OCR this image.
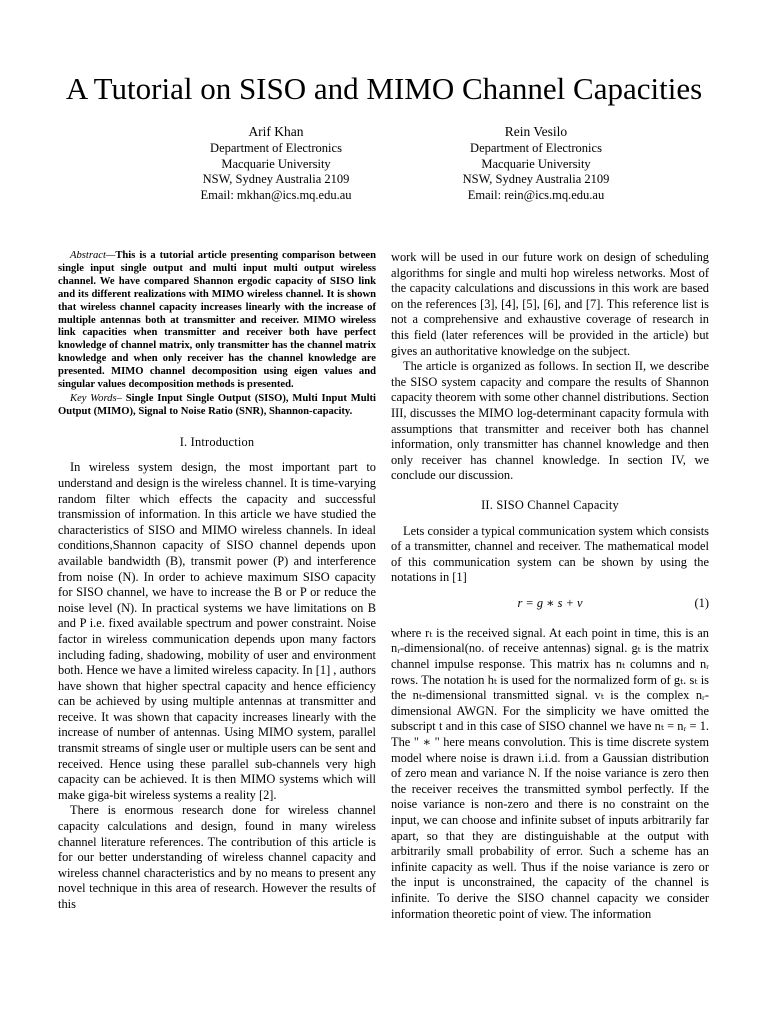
A Tutorial on SISO and MIMO Channel Capacities
Arif Khan
Department of Electronics
Macquarie University
NSW, Sydney Australia 2109
Email: mkhan@ics.mq.edu.au
Rein Vesilo
Department of Electronics
Macquarie University
NSW, Sydney Australia 2109
Email: rein@ics.mq.edu.au

Abstract—This is a tutorial article presenting comparison between single input single output and multi input multi output wireless channel. We have compared Shannon ergodic capacity of SISO link and its different realizations with MIMO wireless channel. It is shown that wireless channel capacity increases linearly with the increase of multiple antennas both at transmitter and receiver. MIMO wireless link capacities when transmitter and receiver both have perfect knowledge of channel matrix, only transmitter has the channel matrix knowledge and when only receiver has the channel knowledge are presented. MIMO channel decomposition using eigen values and singular values decomposition methods is presented.

Key Words– Single Input Single Output (SISO), Multi Input Multi Output (MIMO), Signal to Noise Ratio (SNR), Shannon-capacity.

I. Introduction

In wireless system design, the most important part to understand and design is the wireless channel. It is time-varying random filter which effects the capacity and successful transmission of information. In this article we have studied the characteristics of SISO and MIMO wireless channels. In ideal conditions,Shannon capacity of SISO channel depends upon available bandwidth (B), transmit power (P) and interference from noise (N). In order to achieve maximum SISO capacity for SISO channel, we have to increase the B or P or reduce the noise level (N). In practical systems we have limitations on B and P i.e. fixed available spectrum and power constraint. Noise factor in wireless communication depends upon many factors including fading, shadowing, mobility of user and environment both. Hence we have a limited wireless capacity. In [1] , authors have shown that higher spectral capacity and hence efficiency can be achieved by using multiple antennas at transmitter and receive. It was shown that capacity increases linearly with the increase of number of antennas. Using MIMO system, parallel transmit streams of single user or multiple users can be sent and received. Hence using these parallel sub-channels very high capacity can be achieved. It is then MIMO systems which will make giga-bit wireless systems a reality [2].

There is enormous research done for wireless channel capacity calculations and design, found in many wireless channel literature references. The contribution of this article is for our better understanding of wireless channel capacity and wireless channel characteristics and by no means to present any novel technique in this area of research. However the results of this

work will be used in our future work on design of scheduling algorithms for single and multi hop wireless networks. Most of the capacity calculations and discussions in this work are based on the references [3], [4], [5], [6], and [7]. This reference list is not a comprehensive and exhaustive coverage of research in this field (later references will be provided in the article) but gives an authoritative knowledge on the subject.

The article is organized as follows. In section II, we describe the SISO system capacity and compare the results of Shannon capacity theorem with some other channel distributions. Section III, discusses the MIMO log-determinant capacity formula with assumptions that transmitter and receiver both has channel information, only transmitter has channel knowledge and then only receiver has channel knowledge. In section IV, we conclude our discussion.

II. SISO Channel Capacity

Lets consider a typical communication system which consists of a transmitter, channel and receiver. The mathematical model of this communication system can be shown by using the notations in [1]

r = g ∗ s + v	(1)

where rₜ is the received signal. At each point in time, this is an nᵣ-dimensional(no. of receive antennas) signal. gₜ is the matrix channel impulse response. This matrix has nₜ columns and nᵣ rows. The notation hₜ is used for the normalized form of gₜ. sₜ is the nₜ-dimensional transmitted signal. vₜ is the complex nᵣ-dimensional AWGN. For the simplicity we have omitted the subscript t and in this case of SISO channel we have nₜ = nᵣ = 1. The " ∗ " here means convolution. This is time discrete system model where noise is drawn i.i.d. from a Gaussian distribution of zero mean and variance N. If the noise variance is zero then the receiver receives the transmitted symbol perfectly. If the noise variance is non-zero and there is no constraint on the input, we can choose and infinite subset of inputs arbitrarily far apart, so that they are distinguishable at the output with arbitrarily small probability of error. Such a scheme has an infinite capacity as well. Thus if the noise variance is zero or the input is unconstrained, the capacity of the channel is infinite. To derive the SISO channel capacity we consider information theoretic point of view. The information
